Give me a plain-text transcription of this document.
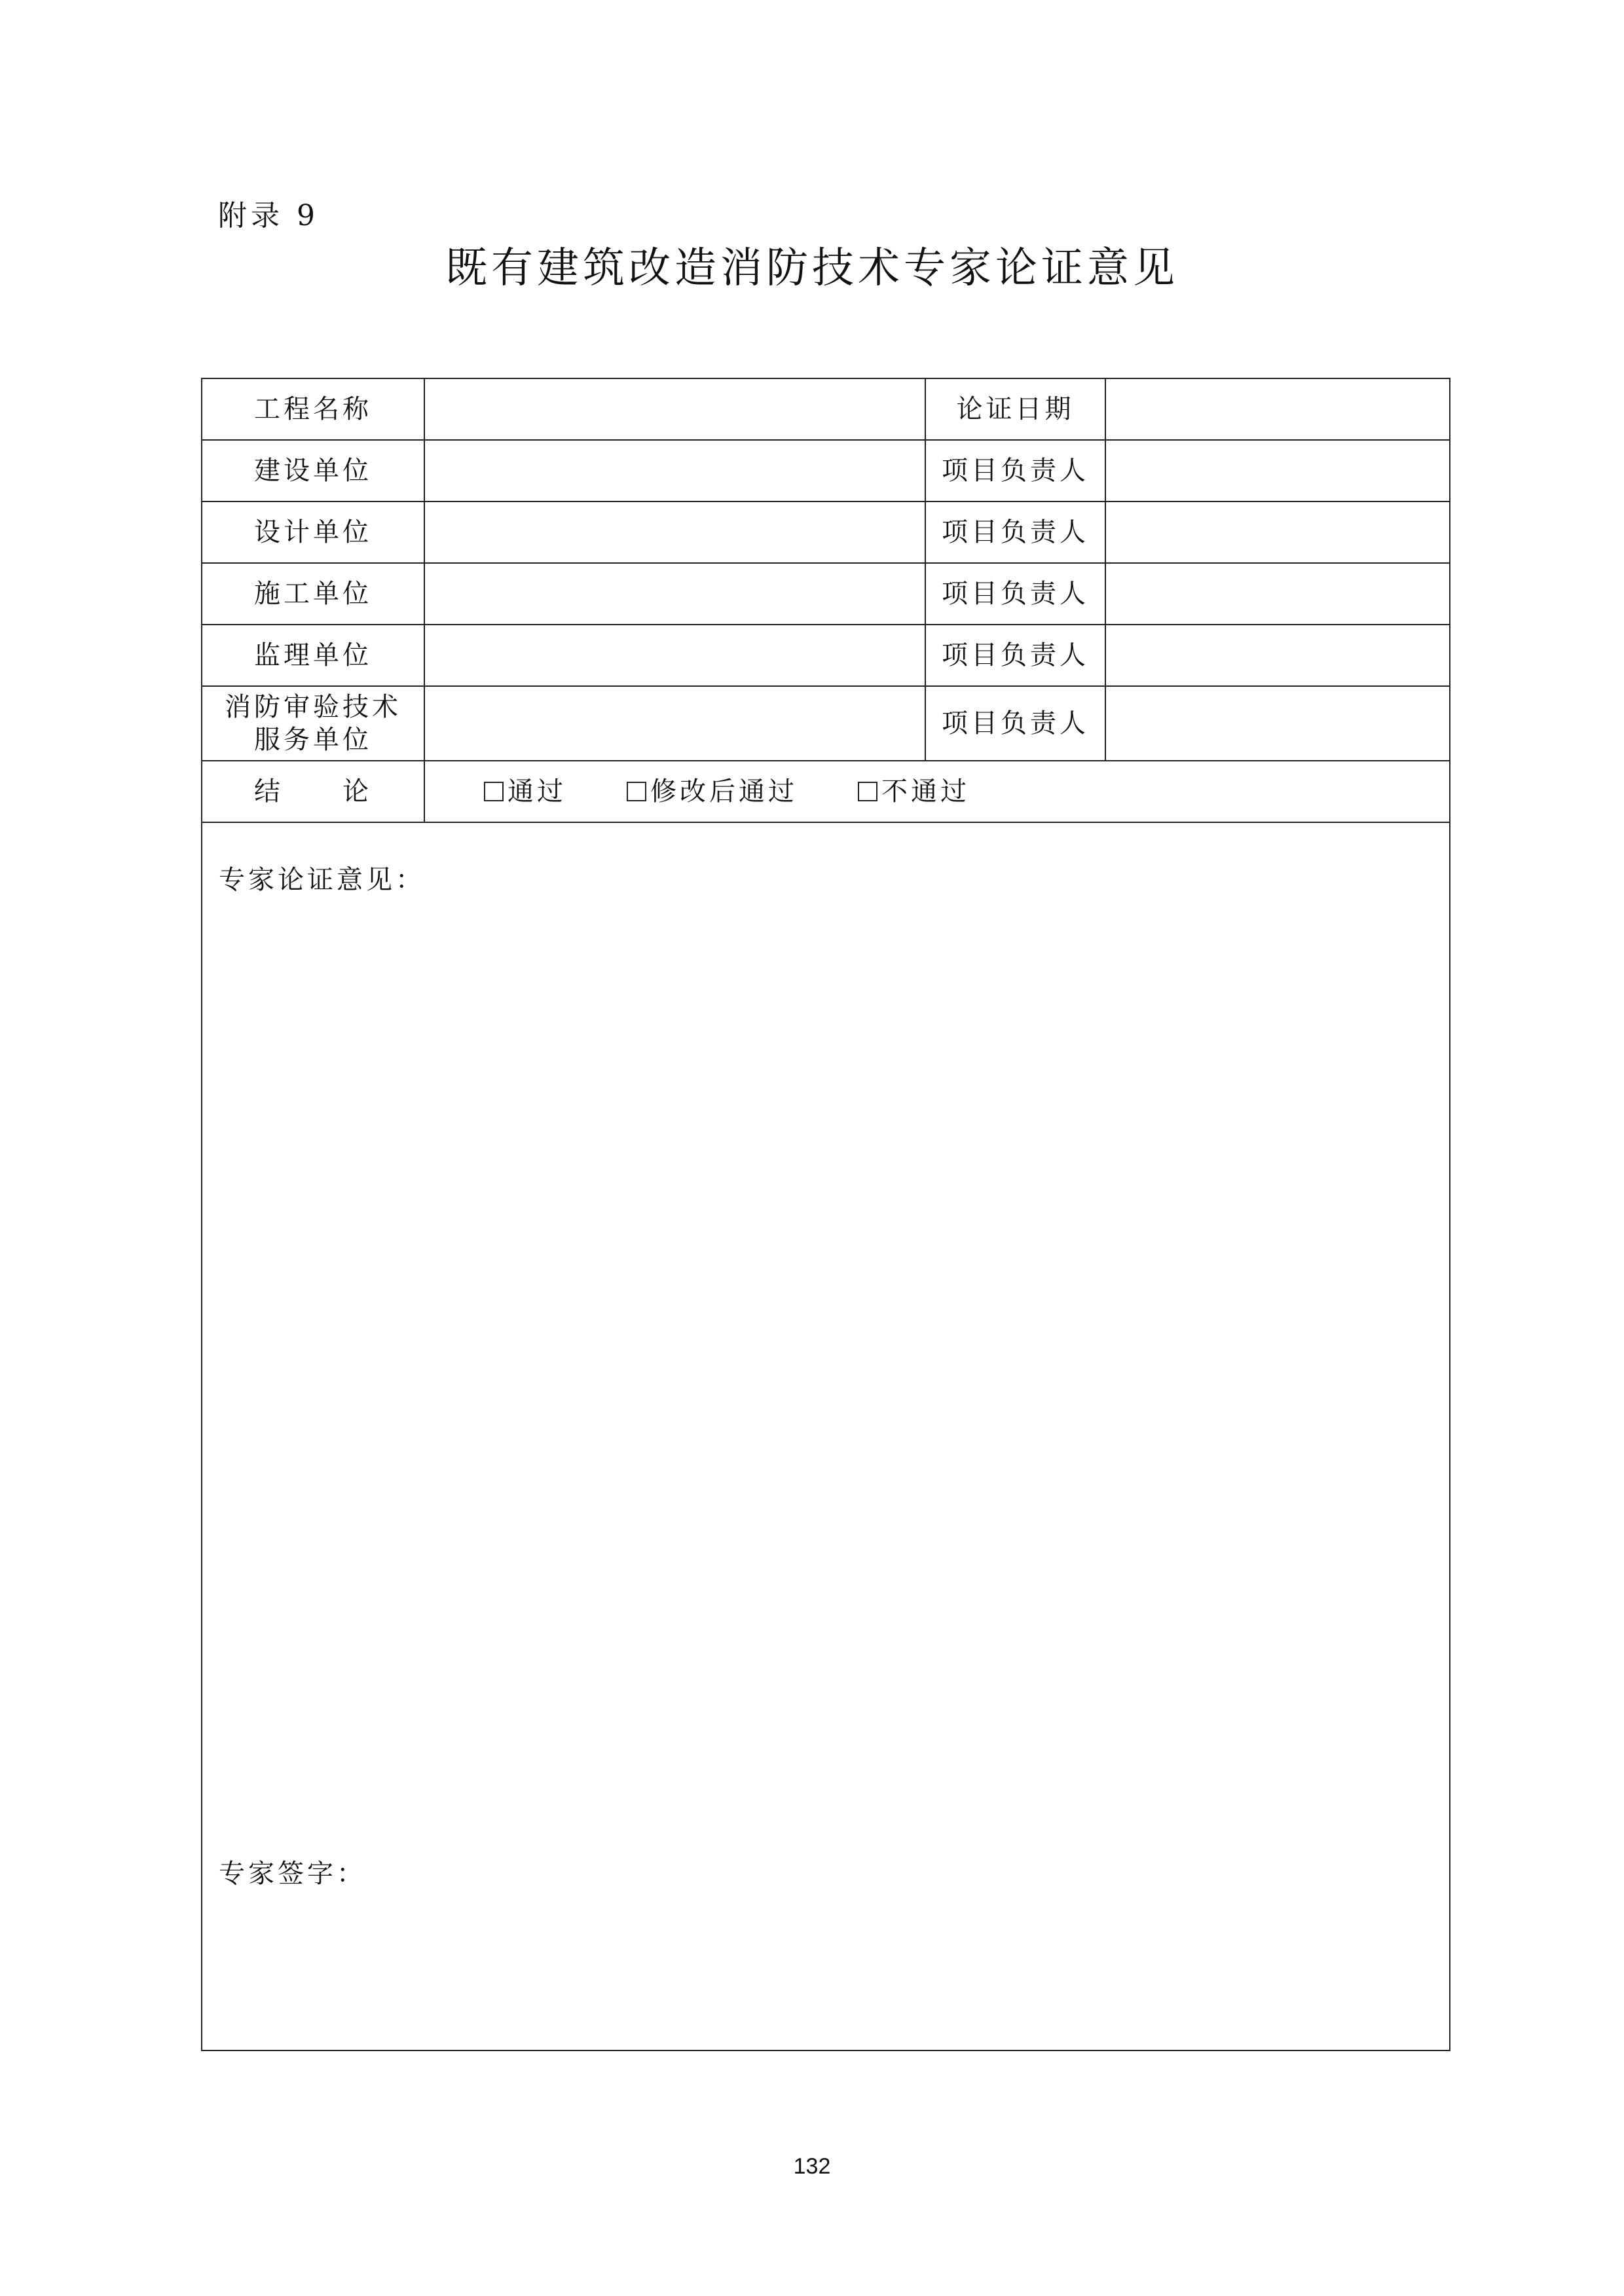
附录 9
既有建筑改造消防技术专家论证意见
工程名称		论证日期	
建设单位		项目负责人	
设计单位		项目负责人	
施工单位		项目负责人	
监理单位		项目负责人	

消防审验技术
服务单位		项目负责人	
结　　论	通过 修改后通过 不通过		

专家论证意见：
专家签字：			
132
